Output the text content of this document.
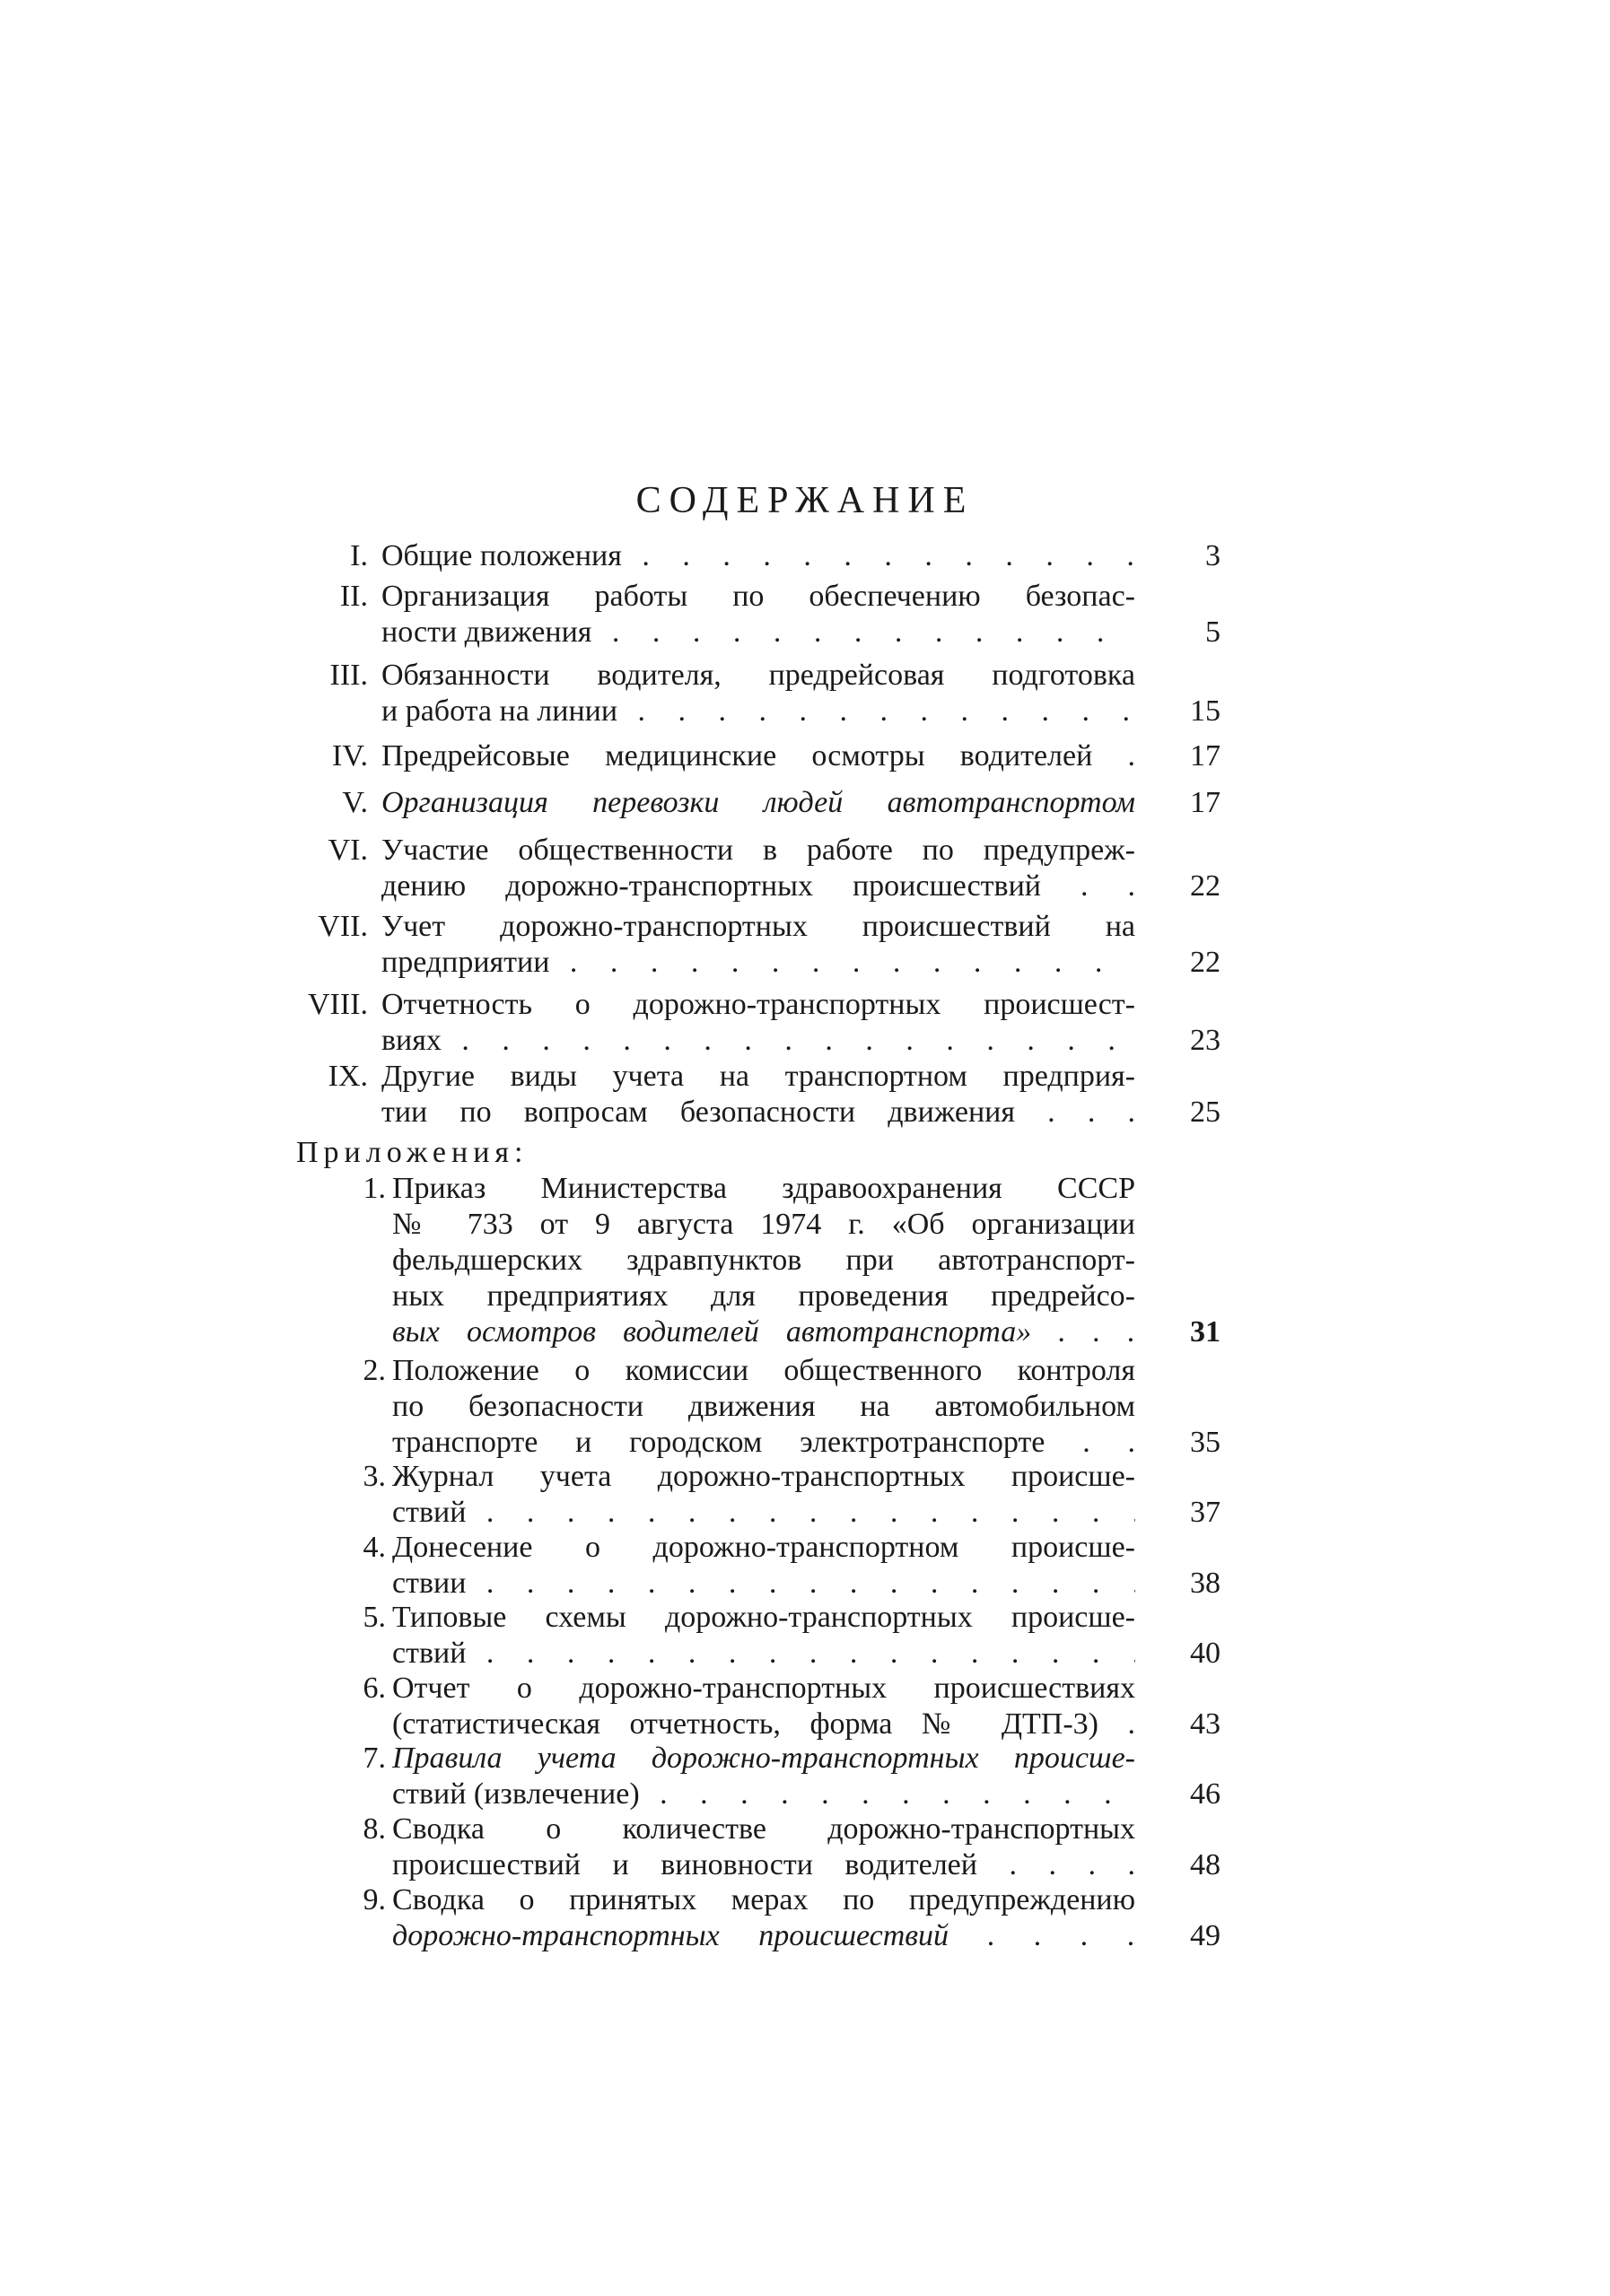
СОДЕРЖАНИЕ
I. Общие положения . . .	3
II. Организация работы по обеспечению безопас-
ности движения . . .	5
III. Обязанности водителя, предрейсовая подготовка
и работа на линии . . .	15
IV. Предрейсовые медицинские осмотры водителей .	17
V. Организация перевозки людей автотранспортом	17
VI. Участие общественности в работе по предупреж-
дению дорожно-транспортных происшествий . .	22
VII. Учет дорожно-транспортных происшествий на
предприятии . . .	22
VIII. Отчетность о дорожно-транспортных происшест-
виях . . .	23
IX. Другие виды учета на транспортном предприя-
тии по вопросам безопасности движения . . .	25
Приложения:
1. Приказ Министерства здравоохранения СССР
№ 733 от 9 августа 1974 г. «Об организации
фельдшерских здравпунктов при автотранспорт-
ных предприятиях для проведения предрейсо-
вых осмотров водителей автотранспорта» . . .	31
2. Положение о комиссии общественного контроля
по безопасности движения на автомобильном
транспорте и городском электротранспорте . .	35
3. Журнал учета дорожно-транспортных происше-
ствий . . .	37
4. Донесение о дорожно-транспортном происше-
ствии . . .	38
5. Типовые схемы дорожно-транспортных происше-
ствий . . .	40
6. Отчет о дорожно-транспортных происшествиях
(статистическая отчетность, форма № ДТП-3) .	43
7. Правила учета дорожно-транспортных происше-
ствий (извлечение) . . .	46
8. Сводка о количестве дорожно-транспортных
происшествий и виновности водителей . . . .	48
9. Сводка о принятых мерах по предупреждению
дорожно-транспортных происшествий . . . .	49
